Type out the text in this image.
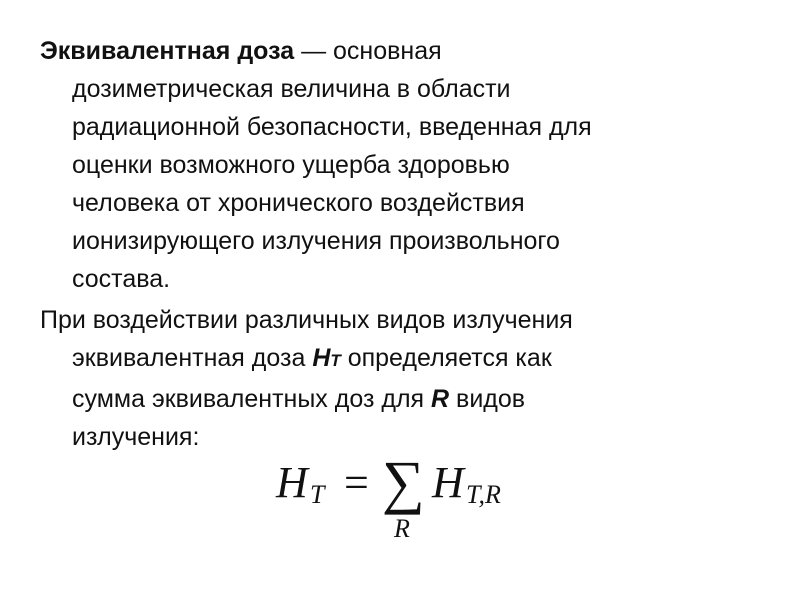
Эквивалентная доза — основная
дозиметрическая величина в области
радиационной безопасности, введенная для
оценки возможного ущерба здоровью
человека от хронического воздействия
ионизирующего излучения произвольного
состава.

При воздействии различных видов излучения
эквивалентная доза HT определяется как
сумма эквивалентных доз для R видов
излучения:

H T = ∑
R
H T,R
